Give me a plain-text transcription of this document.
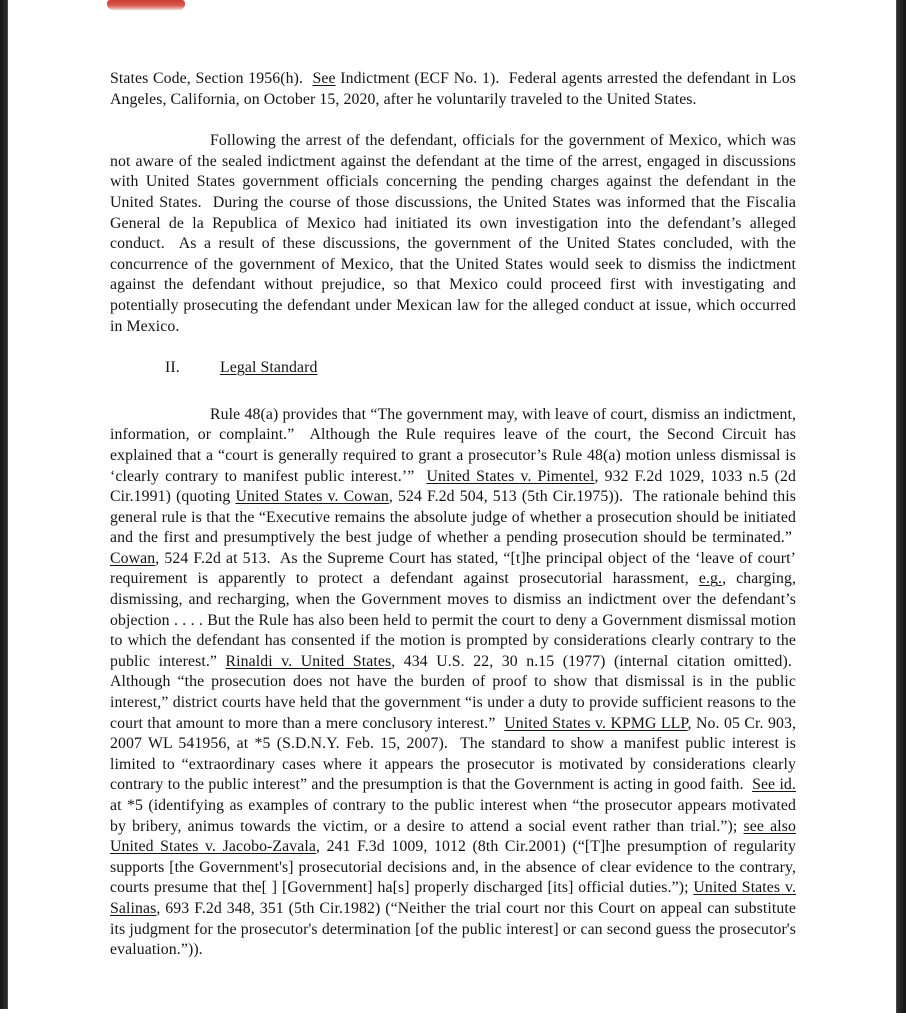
States Code, Section 1956(h).  See Indictment (ECF No. 1).  Federal agents arrested the defendant in Los Angeles, California, on October 15, 2020, after he voluntarily traveled to the United States.

Following the arrest of the defendant, officials for the government of Mexico, which was not aware of the sealed indictment against the defendant at the time of the arrest, engaged in discussions with United States government officials concerning the pending charges against the defendant in the United States.  During the course of those discussions, the United States was informed that the Fiscalia General de la Republica of Mexico had initiated its own investigation into the defendant’s alleged conduct.  As a result of these discussions, the government of the United States concluded, with the concurrence of the government of Mexico, that the United States would seek to dismiss the indictment against the defendant without prejudice, so that Mexico could proceed first with investigating and potentially prosecuting the defendant under Mexican law for the alleged conduct at issue, which occurred in Mexico.

II.	Legal Standard

Rule 48(a) provides that “The government may, with leave of court, dismiss an indictment, information, or complaint.”  Although the Rule requires leave of the court, the Second Circuit has explained that a “court is generally required to grant a prosecutor’s Rule 48(a) motion unless dismissal is ‘clearly contrary to manifest public interest.’”  United States v. Pimentel, 932 F.2d 1029, 1033 n.5 (2d Cir.1991) (quoting United States v. Cowan, 524 F.2d 504, 513 (5th Cir.1975)).  The rationale behind this general rule is that the “Executive remains the absolute judge of whether a prosecution should be initiated and the first and presumptively the best judge of whether a pending prosecution should be terminated.”  Cowan, 524 F.2d at 513.  As the Supreme Court has stated, “[t]he principal object of the ‘leave of court’ requirement is apparently to protect a defendant against prosecutorial harassment, e.g., charging, dismissing, and recharging, when the Government moves to dismiss an indictment over the defendant’s objection . . . . But the Rule has also been held to permit the court to deny a Government dismissal motion to which the defendant has consented if the motion is prompted by considerations clearly contrary to the public interest.” Rinaldi v. United States, 434 U.S. 22, 30 n.15 (1977) (internal citation omitted).  Although “the prosecution does not have the burden of proof to show that dismissal is in the public interest,” district courts have held that the government “is under a duty to provide sufficient reasons to the court that amount to more than a mere conclusory interest.”  United States v. KPMG LLP, No. 05 Cr. 903, 2007 WL 541956, at *5 (S.D.N.Y. Feb. 15, 2007).  The standard to show a manifest public interest is limited to “extraordinary cases where it appears the prosecutor is motivated by considerations clearly contrary to the public interest” and the presumption is that the Government is acting in good faith.  See id. at *5 (identifying as examples of contrary to the public interest when “the prosecutor appears motivated by bribery, animus towards the victim, or a desire to attend a social event rather than trial.”); see also United States v. Jacobo-Zavala, 241 F.3d 1009, 1012 (8th Cir.2001) (“[T]he presumption of regularity supports [the Government's] prosecutorial decisions and, in the absence of clear evidence to the contrary, courts presume that the[ ] [Government] ha[s] properly discharged [its] official duties.”); United States v. Salinas, 693 F.2d 348, 351 (5th Cir.1982) (“Neither the trial court nor this Court on appeal can substitute its judgment for the prosecutor's determination [of the public interest] or can second guess the prosecutor's evaluation.”)).
